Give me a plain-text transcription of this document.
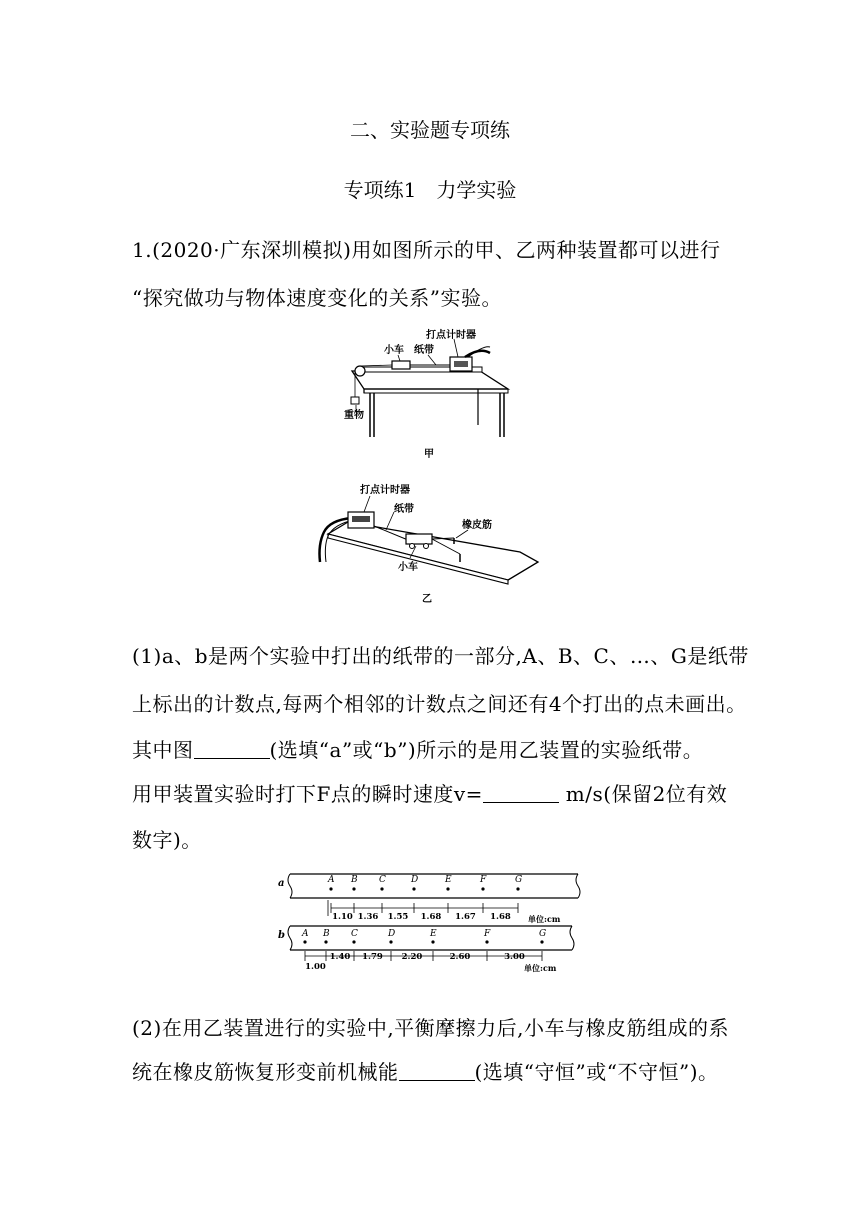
二、实验题专项练
专项练1　力学实验
1.(2020·广东深圳模拟)用如图所示的甲、乙两种装置都可以进行
“探究做功与物体速度变化的关系”实验。
打点计时器
纸带
小车
重物
甲
打点计时器
纸带
橡皮筋
小车
乙
(1)a、b是两个实验中打出的纸带的一部分,A、B、C、…、G是纸带
上标出的计数点,每两个相邻的计数点之间还有4个打出的点未画出。
其中图	(选填“a”或“b”)所示的是用乙装置的实验纸带。
用甲装置实验时打下F点的瞬时速度v=	m/s(保留2位有效
数字)。
a	A B C	D	E	F	G
1.10 1.36 1.55 1.68 1.67 1.68 单位:cm
b A B C	D	E	F	G
1.00
1.40 1.79 2.20	2.60	3.00
单位:cm
(2)在用乙装置进行的实验中,平衡摩擦力后,小车与橡皮筋组成的系
统在橡皮筋恢复形变前机械能	(选填“守恒”或“不守恒”)。
